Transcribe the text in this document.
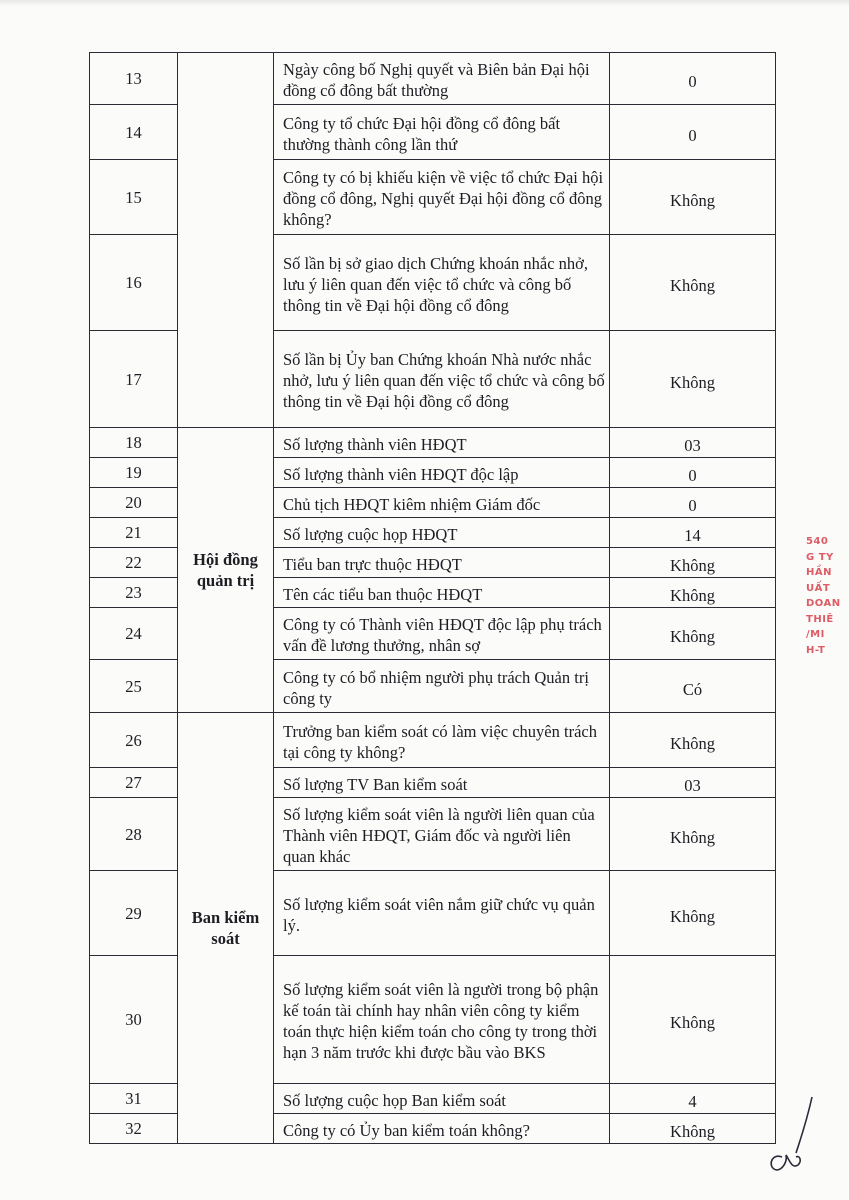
13		Ngày công bố Nghị quyết và Biên bản Đại hội đồng cổ đông bất thường	0
14		Công ty tổ chức Đại hội đồng cổ đông bất thường thành công lần thứ	0
15		Công ty có bị khiếu kiện về việc tổ chức Đại hội đồng cổ đông, Nghị quyết Đại hội đồng cổ đông không?	Không
16		Số lần bị sở giao dịch Chứng khoán nhắc nhở, lưu ý liên quan đến việc tổ chức và công bố thông tin về Đại hội đồng cổ đông	Không
17		Số lần bị Ủy ban Chứng khoán Nhà nước nhắc nhở, lưu ý liên quan đến việc tổ chức và công bố thông tin về Đại hội đồng cổ đông	Không
18	Hội đồng quản trị	Số lượng thành viên HĐQT	03
19		Số lượng thành viên HĐQT độc lập	0
20		Chủ tịch HĐQT kiêm nhiệm Giám đốc	0
21		Số lượng cuộc họp HĐQT	14
22		Tiểu ban trực thuộc HĐQT	Không
23		Tên các tiểu ban thuộc HĐQT	Không
24		Công ty có Thành viên HĐQT độc lập phụ trách vấn đề lương thưởng, nhân sợ	Không
25		Công ty có bổ nhiệm người phụ trách Quản trị công ty	Có
26	Ban kiểm soát	Trưởng ban kiểm soát có làm việc chuyên trách tại công ty không?	Không
27		Số lượng TV Ban kiểm soát	03
28		Số lượng kiểm soát viên là người liên quan của Thành viên HĐQT, Giám đốc và người liên quan khác	Không
29		Số lượng kiểm soát viên nắm giữ chức vụ quản lý.	Không
30		Số lượng kiểm soát viên là người trong bộ phận kế toán tài chính hay nhân viên công ty kiểm toán thực hiện kiểm toán cho công ty trong thời hạn 3 năm trước khi được bầu vào BKS	Không
31		Số lượng cuộc họp Ban kiểm soát	4
32		Công ty có Ủy ban kiểm toán không?	Không
540
G TY
HẦN
UẤT
DOAN
THIÊ
/MI
H-T
